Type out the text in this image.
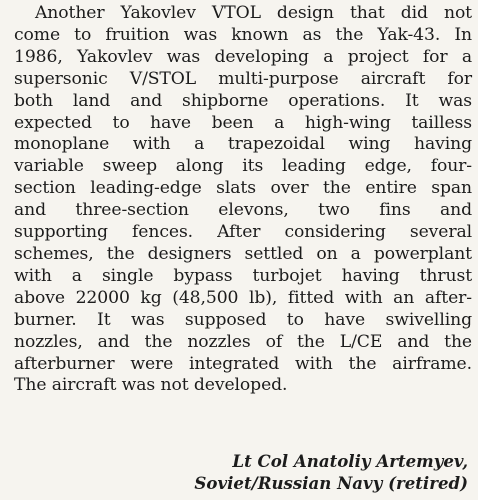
Another Yakovlev VTOL design that did not
come to fruition was known as the Yak-43. In
1986, Yakovlev was developing a project for a
supersonic V/STOL multi-purpose aircraft for
both land and shipborne operations. It was
expected to have been a high-wing tailless
monoplane with a trapezoidal wing having
variable sweep along its leading edge, four-
section leading-edge slats over the entire span
and three-section elevons, two fins and
supporting fences. After considering several
schemes, the designers settled on a powerplant
with a single bypass turbojet having thrust
above 22000 kg (48,500 lb), fitted with an after-
burner. It was supposed to have swivelling
nozzles, and the nozzles of the L/CE and the
afterburner were integrated with the airframe.
The aircraft was not developed.
Lt Col Anatoliy Artemyev,
Soviet/Russian Navy (retired)
